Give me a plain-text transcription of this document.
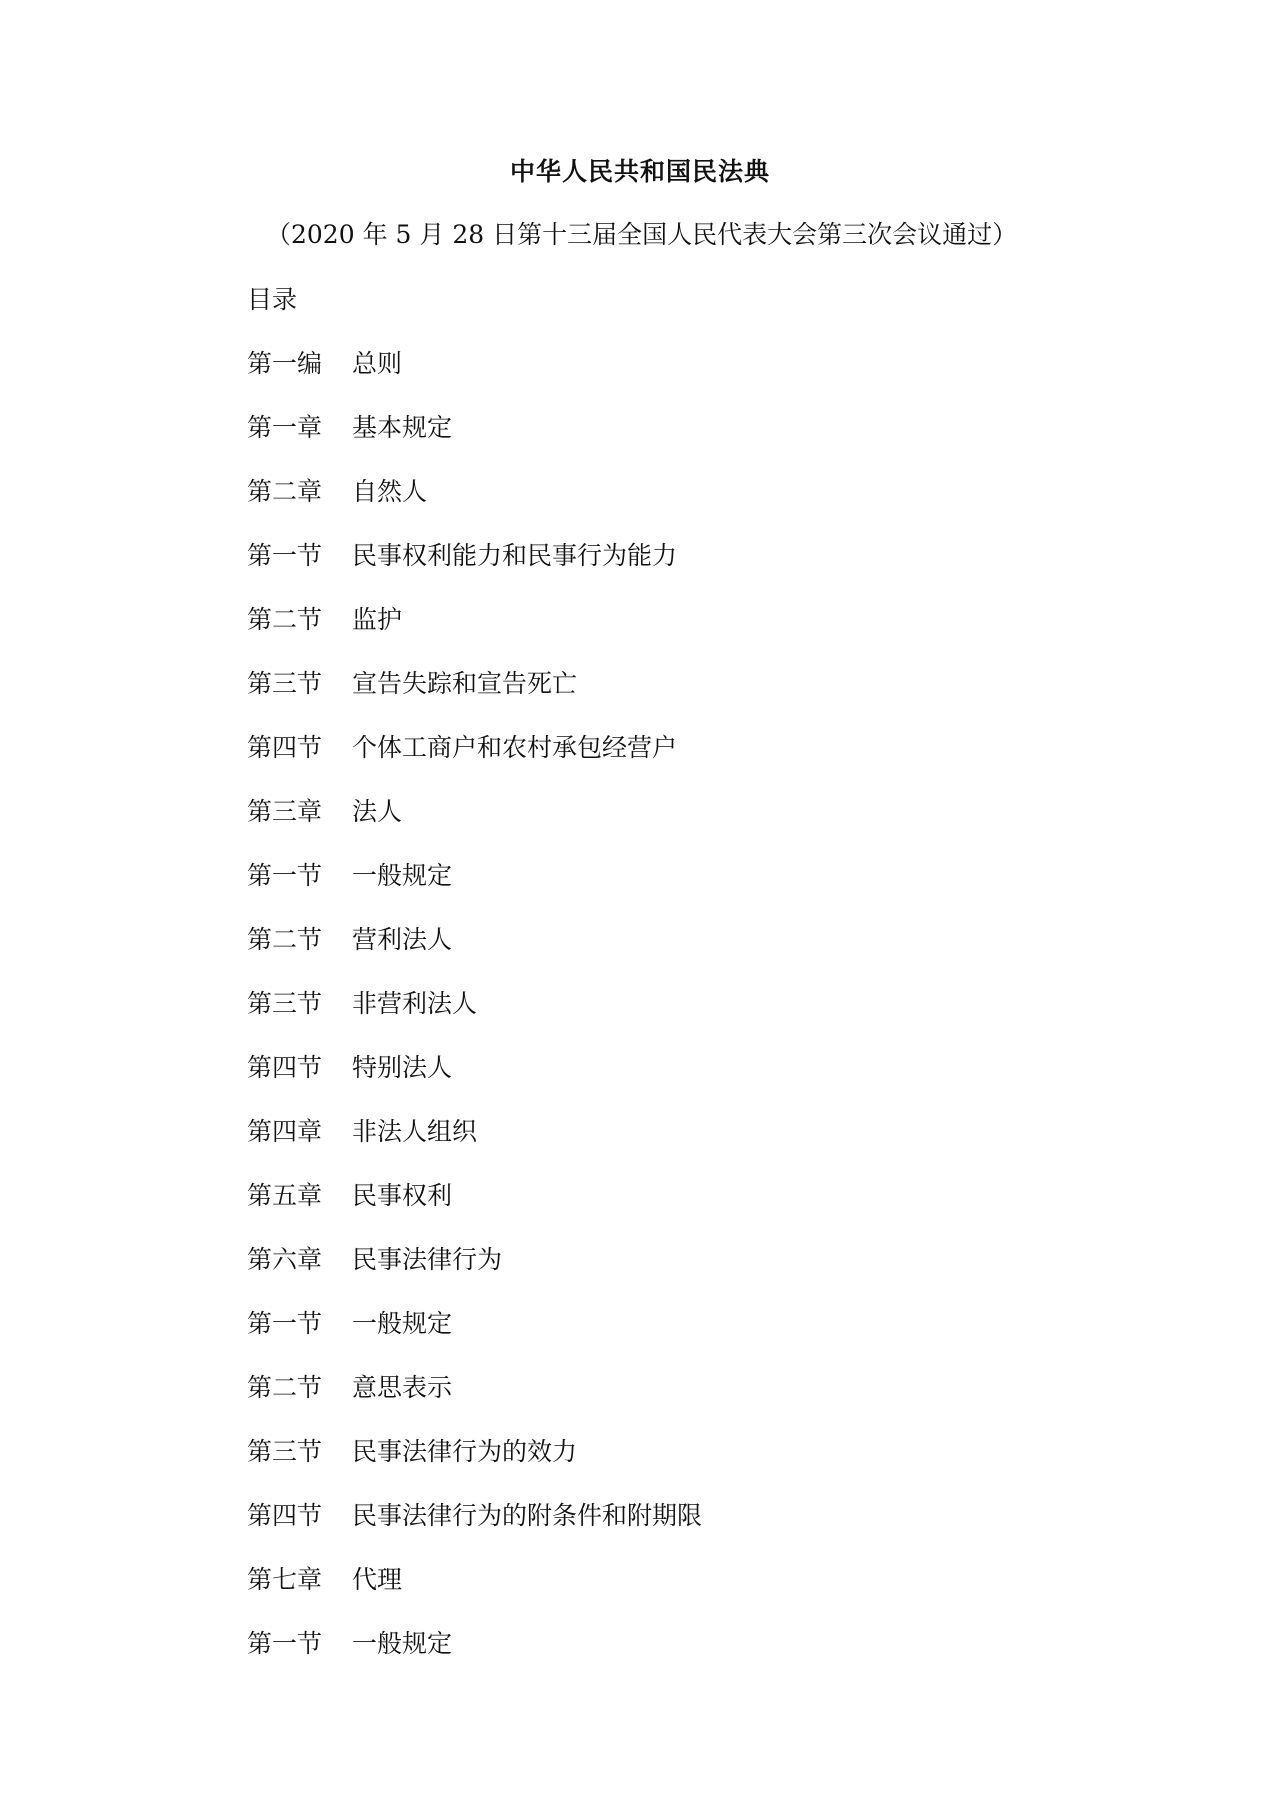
中华人民共和国民法典
（2020 年 5 月 28 日第十三届全国人民代表大会第三次会议通过）
目录
第一编	总则
第一章	基本规定
第二章	自然人
第一节	民事权利能力和民事行为能力
第二节	监护
第三节	宣告失踪和宣告死亡
第四节	个体工商户和农村承包经营户
第三章	法人
第一节	一般规定
第二节	营利法人
第三节	非营利法人
第四节	特别法人
第四章	非法人组织
第五章	民事权利
第六章	民事法律行为
第一节	一般规定
第二节	意思表示
第三节	民事法律行为的效力
第四节	民事法律行为的附条件和附期限
第七章	代理
第一节	一般规定
